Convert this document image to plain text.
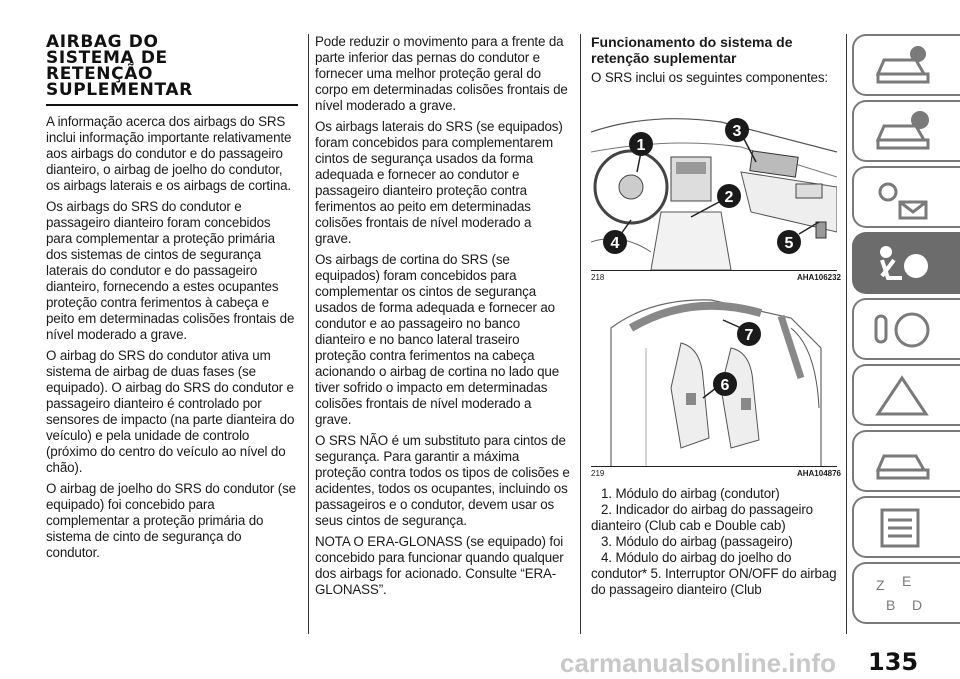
AIRBAG DO
SISTEMA DE
RETENÇÃO
SUPLEMENTAR

A informação acerca dos airbags do SRS inclui informação importante relativamente aos airbags do condutor e do passageiro dianteiro, o airbag de joelho do condutor, os airbags laterais e os airbags de cortina.

Os airbags do SRS do condutor e passageiro dianteiro foram concebidos para complementar a proteção primária dos sistemas de cintos de segurança laterais do condutor e do passageiro dianteiro, fornecendo a estes ocupantes proteção contra ferimentos à cabeça e peito em determinadas colisões frontais de nível moderado a grave.

O airbag do SRS do condutor ativa um sistema de airbag de duas fases (se equipado). O airbag do SRS do condutor e passageiro dianteiro é controlado por sensores de impacto (na parte dianteira do veículo) e pela unidade de controlo (próximo do centro do veículo ao nível do chão).

O airbag de joelho do SRS do condutor (se equipado) foi concebido para complementar a proteção primária do sistema de cinto de segurança do condutor.

Pode reduzir o movimento para a frente da parte inferior das pernas do condutor e fornecer uma melhor proteção geral do corpo em determinadas colisões frontais de nível moderado a grave.

Os airbags laterais do SRS (se equipados) foram concebidos para complementarem cintos de segurança usados da forma adequada e fornecer ao condutor e passageiro dianteiro proteção contra ferimentos ao peito em determinadas colisões frontais de nível moderado a grave.

Os airbags de cortina do SRS (se equipados) foram concebidos para complementar os cintos de segurança usados de forma adequada e fornecer ao condutor e ao passageiro no banco dianteiro e no banco lateral traseiro proteção contra ferimentos na cabeça acionando o airbag de cortina no lado que tiver sofrido o impacto em determinadas colisões frontais de nível moderado a grave.

O SRS NÃO é um substituto para cintos de segurança. Para garantir a máxima proteção contra todos os tipos de colisões e acidentes, todos os ocupantes, incluindo os passageiros e o condutor, devem usar os seus cintos de segurança.

NOTA O ERA-GLONASS (se equipado) foi concebido para funcionar quando qualquer dos airbags for acionado. Consulte “ERA-GLONASS”.

Funcionamento do sistema de retenção suplementar

O SRS inclui os seguintes componentes:

1
3
2
4	5
218	AHA106232
7
6
219	AHA104876
1. Módulo do airbag (condutor)
2. Indicador do airbag do passageiro dianteiro (Club cab e Double cab)
3. Módulo do airbag (passageiro)
4. Módulo do airbag do joelho do condutor* 5. Interruptor ON/OFF do airbag do passageiro dianteiro (Club	Z E
B D
carmanualsonline.info 135
